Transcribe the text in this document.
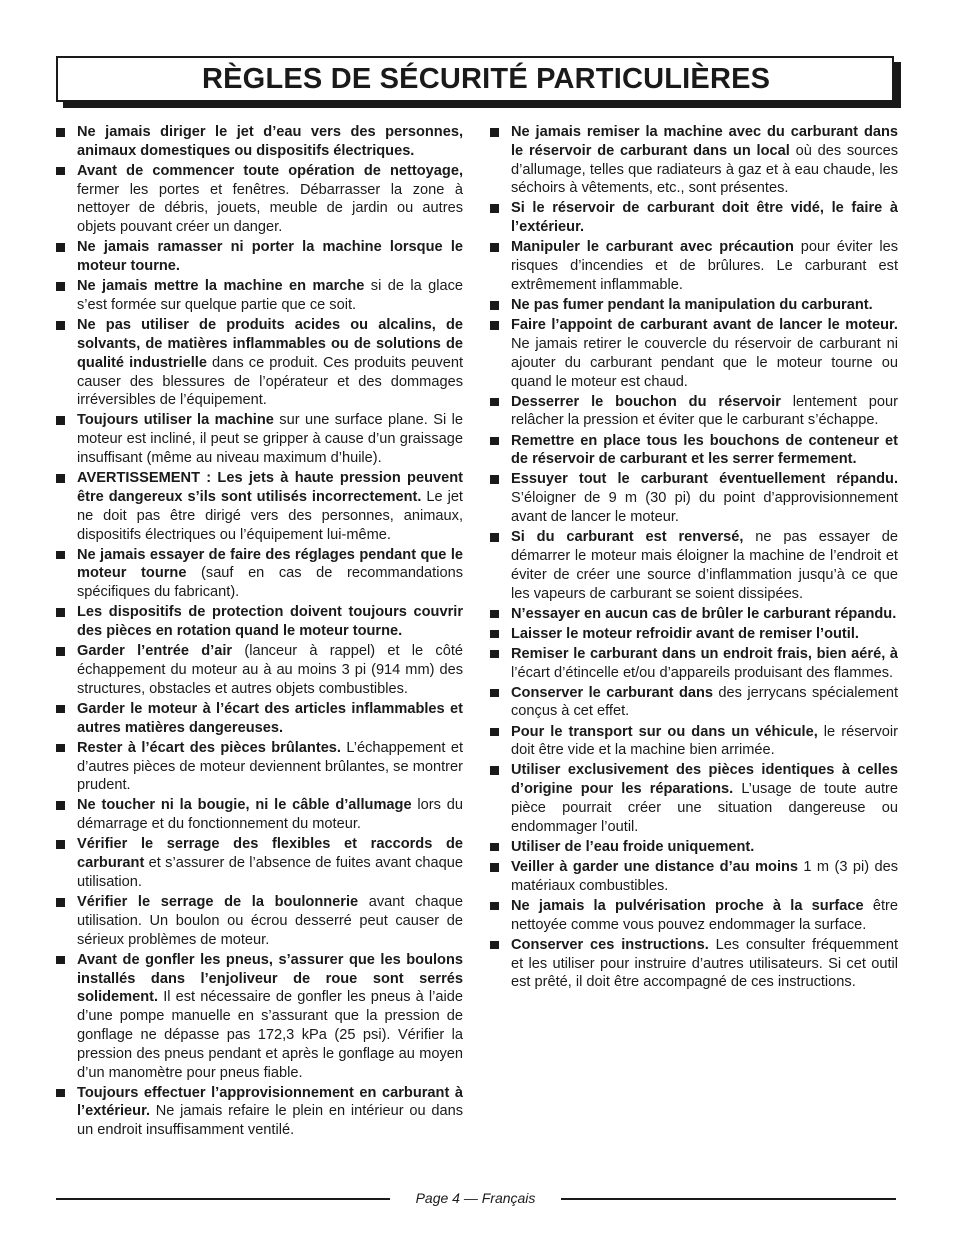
RÈGLES DE SÉCURITÉ PARTICULIÈRES
Ne jamais diriger le jet d’eau vers des personnes, animaux domestiques ou dispositifs électriques.
Avant de commencer toute opération de nettoyage, fermer les portes et fenêtres. Débarrasser la zone à nettoyer de débris, jouets, meuble de jardin ou autres objets pouvant créer un danger.
Ne jamais ramasser ni porter la machine lorsque le moteur tourne.
Ne jamais mettre la machine en marche si de la glace s’est formée sur quelque partie que ce soit.
Ne pas utiliser de produits acides ou alcalins, de solvants, de matières inflammables ou de solutions de qualité industrielle dans ce produit. Ces produits peuvent causer des blessures de l’opérateur et des dommages irréversibles de l’équipement.
Toujours utiliser la machine sur une surface plane. Si le moteur est incliné, il peut se gripper à cause d’un graissage insuffisant (même au niveau maximum d’huile).
AVERTISSEMENT : Les jets à haute pression peuvent être dangereux s’ils sont utilisés incorrectement. Le jet ne doit pas être dirigé vers des personnes, animaux, dispositifs électriques ou l’équipement lui-même.
Ne jamais essayer de faire des réglages pendant que le moteur tourne (sauf en cas de recommandations spécifiques du fabricant).
Les dispositifs de protection doivent toujours couvrir des pièces en rotation quand le moteur tourne.
Garder l’entrée d’air (lanceur à rappel) et le côté échappement du moteur au à au moins 3 pi (914 mm) des structures, obstacles et autres objets combustibles.
Garder le moteur à l’écart des articles inflammables et autres matières dangereuses.
Rester à l’écart des pièces brûlantes. L’échappement et d’autres pièces de moteur deviennent brûlantes, se montrer prudent.
Ne toucher ni la bougie, ni le câble d’allumage lors du démarrage et du fonctionnement du moteur.
Vérifier le serrage des flexibles et raccords de carburant et s’assurer de l’absence de fuites avant chaque utilisation.
Vérifier le serrage de la boulonnerie avant chaque utilisation. Un boulon ou écrou desserré peut causer de sérieux problèmes de moteur.
Avant de gonfler les pneus, s’assurer que les boulons installés dans l’enjoliveur de roue sont serrés solidement. Il est nécessaire de gonfler les pneus à l’aide d’une pompe manuelle en s’assurant que la pression de gonflage ne dépasse pas 172,3 kPa (25 psi). Vérifier la pression des pneus pendant et après le gonflage au moyen d’un manomètre pour pneus fiable.
Toujours effectuer l’approvisionnement en carburant à l’extérieur. Ne jamais refaire le plein en intérieur ou dans un endroit insuffisamment ventilé.
Ne jamais remiser la machine avec du carburant dans le réservoir de carburant dans un local où des sources d’allumage, telles que radiateurs à gaz et à eau chaude, les séchoirs à vêtements, etc., sont présentes.
Si le réservoir de carburant doit être vidé, le faire à l’extérieur.
Manipuler le carburant avec précaution pour éviter les risques d’incendies et de brûlures. Le carburant est extrêmement inflammable.
Ne pas fumer pendant la manipulation du carburant.
Faire l’appoint de carburant avant de lancer le moteur. Ne jamais retirer le couvercle du réservoir de carburant ni ajouter du carburant pendant que le moteur tourne ou quand le moteur est chaud.
Desserrer le bouchon du réservoir lentement pour relâcher la pression et éviter que le carburant s’échappe.
Remettre en place tous les bouchons de conteneur et de réservoir de carburant et les serrer fermement.
Essuyer tout le carburant éventuellement répandu. S’éloigner de 9 m (30 pi) du point d’approvisionnement avant de lancer le moteur.
Si du carburant est renversé, ne pas essayer de démarrer le moteur mais éloigner la machine de l’endroit et éviter de créer une source d’inflammation jusqu’à ce que les vapeurs de carburant se soient dissipées.
N’essayer en aucun cas de brûler le carburant répandu.
Laisser le moteur refroidir avant de remiser l’outil.
Remiser le carburant dans un endroit frais, bien aéré, à l’écart d’étincelle et/ou d’appareils produisant des flammes.
Conserver le carburant dans des jerrycans spécialement conçus à cet effet.
Pour le transport sur ou dans un véhicule, le réservoir doit être vide et la machine bien arrimée.
Utiliser exclusivement des pièces identiques à celles d’origine pour les réparations. L’usage de toute autre pièce pourrait créer une situation dangereuse ou endommager l’outil.
Utiliser de l’eau froide uniquement.
Veiller à garder une distance d’au moins 1 m (3 pi) des matériaux combustibles.
Ne jamais la pulvérisation proche à la surface être nettoyée comme vous pouvez endommager la surface.
Conserver ces instructions. Les consulter fréquemment et les utiliser pour instruire d’autres utilisateurs. Si cet outil est prêté, il doit être accompagné de ces instructions.
Page 4 — Français
